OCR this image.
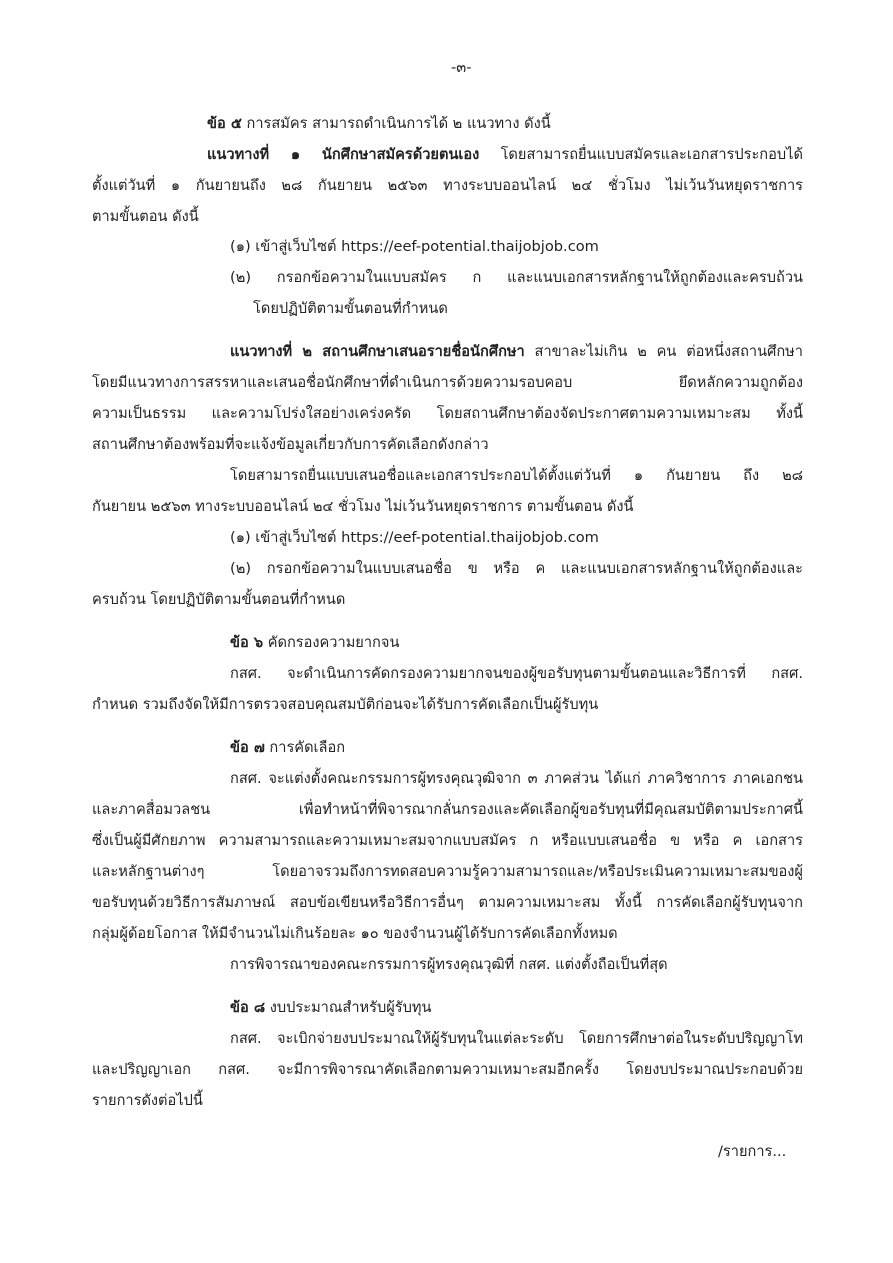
-๓-
ข้อ ๕ การสมัคร สามารถดำเนินการได้ ๒ แนวทาง ดังนี้
แนวทางที่ ๑ นักศึกษาสมัครด้วยตนเอง โดยสามารถยื่นแบบสมัครและเอกสารประกอบได้
ตั้งแต่วันที่ ๑ กันยายนถึง ๒๘ กันยายน ๒๕๖๓ ทางระบบออนไลน์ ๒๔ ชั่วโมง ไม่เว้นวันหยุดราชการ
ตามขั้นตอน ดังนี้
(๑) เข้าสู่เว็บไซต์ https://eef-potential.thaijobjob.com
(๒) กรอกข้อความในแบบสมัคร ก และแนบเอกสารหลักฐานให้ถูกต้องและครบถ้วน
โดยปฏิบัติตามขั้นตอนที่กำหนด
แนวทางที่ ๒ สถานศึกษาเสนอรายชื่อนักศึกษา สาขาละไม่เกิน ๒ คน ต่อหนึ่งสถานศึกษา
โดยมีแนวทางการสรรหาและเสนอชื่อนักศึกษาที่ดำเนินการด้วยความรอบคอบ ยึดหลักความถูกต้อง
ความเป็นธรรม และความโปร่งใสอย่างเคร่งครัด โดยสถานศึกษาต้องจัดประกาศตามความเหมาะสม ทั้งนี้
สถานศึกษาต้องพร้อมที่จะแจ้งข้อมูลเกี่ยวกับการคัดเลือกดังกล่าว
โดยสามารถยื่นแบบเสนอชื่อและเอกสารประกอบได้ตั้งแต่วันที่ ๑ กันยายน ถึง ๒๘
กันยายน ๒๕๖๓ ทางระบบออนไลน์ ๒๔ ชั่วโมง ไม่เว้นวันหยุดราชการ ตามขั้นตอน ดังนี้
(๑) เข้าสู่เว็บไซต์ https://eef-potential.thaijobjob.com
(๒) กรอกข้อความในแบบเสนอชื่อ ข หรือ ค และแนบเอกสารหลักฐานให้ถูกต้องและ
ครบถ้วน โดยปฏิบัติตามขั้นตอนที่กำหนด
ข้อ ๖ คัดกรองความยากจน
กสศ. จะดำเนินการคัดกรองความยากจนของผู้ขอรับทุนตามขั้นตอนและวิธีการที่ กสศ.
กำหนด รวมถึงจัดให้มีการตรวจสอบคุณสมบัติก่อนจะได้รับการคัดเลือกเป็นผู้รับทุน
ข้อ ๗ การคัดเลือก
กสศ. จะแต่งตั้งคณะกรรมการผู้ทรงคุณวุฒิจาก ๓ ภาคส่วน ได้แก่ ภาควิชาการ ภาคเอกชน
และภาคสื่อมวลชน เพื่อทำหน้าที่พิจารณากลั่นกรองและคัดเลือกผู้ขอรับทุนที่มีคุณสมบัติตามประกาศนี้
ซึ่งเป็นผู้มีศักยภาพ ความสามารถและความเหมาะสมจากแบบสมัคร ก หรือแบบเสนอชื่อ ข หรือ ค เอกสาร
และหลักฐานต่างๆ โดยอาจรวมถึงการทดสอบความรู้ความสามารถและ/หรือประเมินความเหมาะสมของผู้
ขอรับทุนด้วยวิธีการสัมภาษณ์ สอบข้อเขียนหรือวิธีการอื่นๆ ตามความเหมาะสม ทั้งนี้ การคัดเลือกผู้รับทุนจาก
กลุ่มผู้ด้อยโอกาส ให้มีจำนวนไม่เกินร้อยละ ๑๐ ของจำนวนผู้ได้รับการคัดเลือกทั้งหมด
การพิจารณาของคณะกรรมการผู้ทรงคุณวุฒิที่ กสศ. แต่งตั้งถือเป็นที่สุด
ข้อ ๘ งบประมาณสำหรับผู้รับทุน
กสศ. จะเบิกจ่ายงบประมาณให้ผู้รับทุนในแต่ละระดับ โดยการศึกษาต่อในระดับปริญญาโท
และปริญญาเอก กสศ. จะมีการพิจารณาคัดเลือกตามความเหมาะสมอีกครั้ง โดยงบประมาณประกอบด้วย
รายการดังต่อไปนี้
/รายการ...
